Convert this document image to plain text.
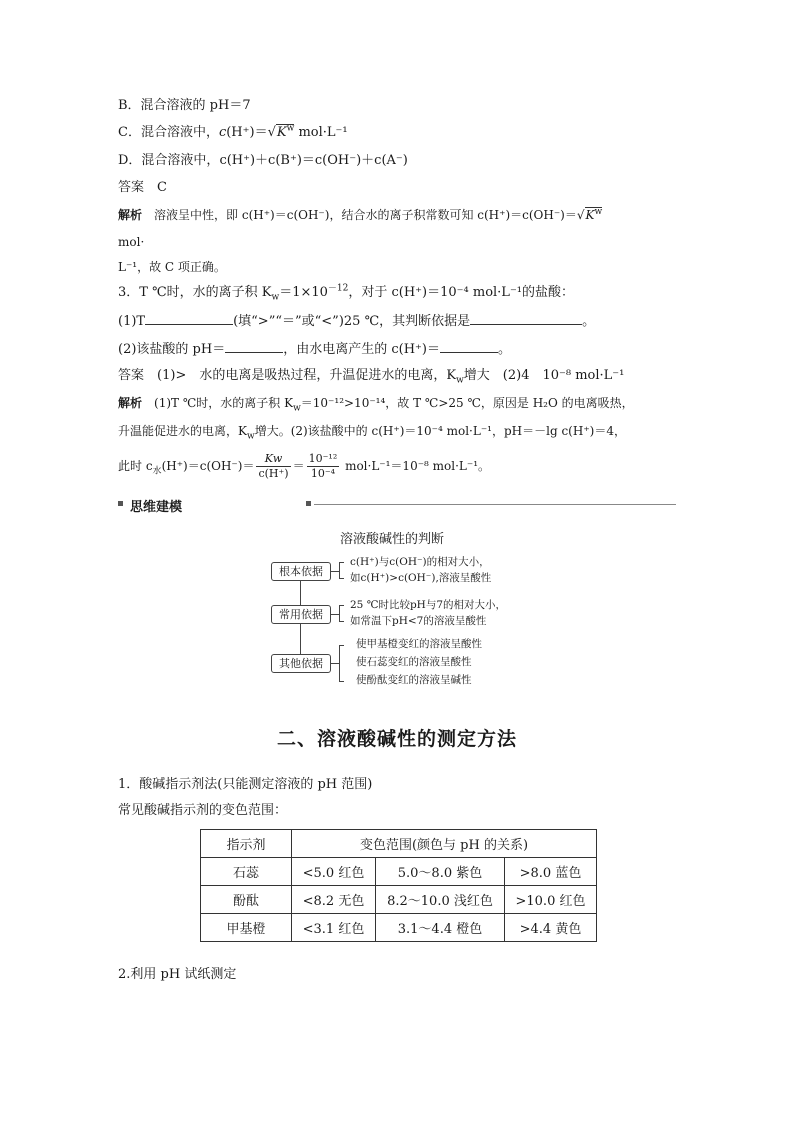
B．混合溶液的 pH＝7
C．混合溶液中，$c(H^+)=√K^w$ mol·L⁻¹
D．混合溶液中，c(H⁺)＋c(B⁺)＝c(OH⁻)＋c(A⁻)
答案　 C
解析　 溶液呈中性，即 c(H⁺)＝c(OH⁻)，结合水的离子积常数可知 $c(H^+)=c(OH^-)=√K^w$
mol·
L⁻¹，故 C 项正确。
3．T ℃时，水的离子积 $K_w=1\times 10^{-12}$，对于 c(H⁺)＝10⁻⁴ mol·L⁻¹的盐酸：
(1)T	(填“>”“＝”或“<”)25 ℃，其判断依据是	。
(2)该盐酸的 pH＝	，由水电离产生的 c(H⁺)＝	。
答案　 (1)>　水的电离是吸热过程，升温促进水的电离，$K_w$增大　(2)4　10⁻⁸ mol·L⁻¹
解析　 (1)T ℃时，水的离子积 $K_w=10^{-12}>10^{-14}$，故 T ℃>25 ℃，原因是 H₂O 的电离吸热，
升温能促进水的电离，$K_w$增大。(2)该盐酸中的 c(H⁺)＝10⁻⁴ mol·L⁻¹，pH＝－lg c(H⁺)＝4，
此时 $c_水(H^+)=c(OH^-)= \frac{Kw}{c(H^+)} = \frac{\text{10⁻¹²}}{\text{10⁻⁴}} mol\cdot L^{-1}=10^{-8}$ mol·L⁻¹。
思维建模
溶液酸碱性的判断
根本依据
c(H⁺)与c(OH⁻)的相对大小，
如c(H⁺)>c(OH⁻),溶液呈酸性
常用依据
25 ℃时比较pH与7的相对大小，
如常温下pH<7的溶液呈酸性
其他依据
使甲基橙变红的溶液呈酸性
使石蕊变红的溶液呈酸性
使酚酞变红的溶液呈碱性
二、溶液酸碱性的测定方法
1．酸碱指示剂法(只能测定溶液的 pH 范围)
常见酸碱指示剂的变色范围：
指示剂	变色范围(颜色与 pH 的关系)		
石蕊	<5.0 红色	5.0～8.0 紫色	>8.0 蓝色
酚酞	<8.2 无色	8.2～10.0 浅红色	>10.0 红色
甲基橙	<3.1 红色	3.1～4.4 橙色	>4.4 黄色
2.利用 pH 试纸测定
